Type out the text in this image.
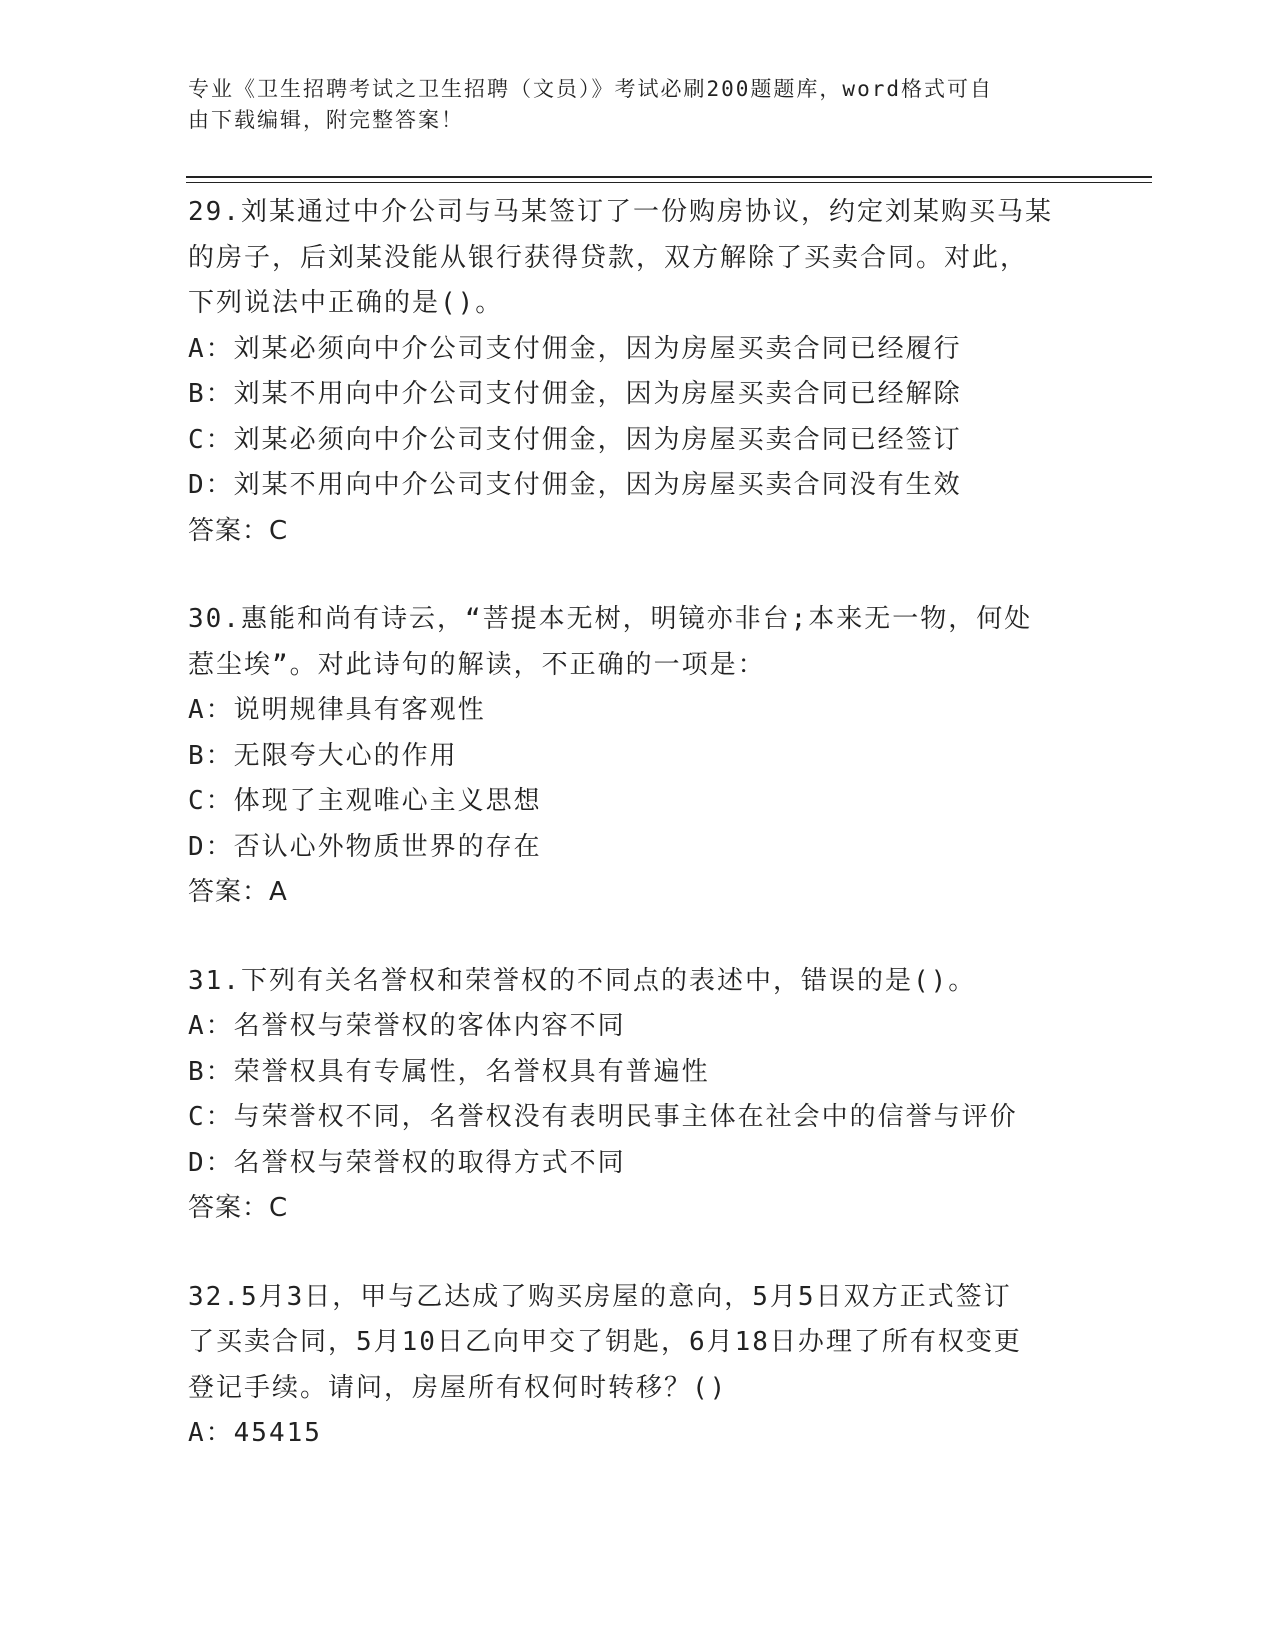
专业《卫生招聘考试之卫生招聘（文员）》考试必刷200题题库，word格式可自
由下载编辑，附完整答案！
29.刘某通过中介公司与马某签订了一份购房协议，约定刘某购买马某
的房子，后刘某没能从银行获得贷款，双方解除了买卖合同。对此，
下列说法中正确的是()。
A：刘某必须向中介公司支付佣金，因为房屋买卖合同已经履行
B：刘某不用向中介公司支付佣金，因为房屋买卖合同已经解除
C：刘某必须向中介公司支付佣金，因为房屋买卖合同已经签订
D：刘某不用向中介公司支付佣金，因为房屋买卖合同没有生效
答案：C
30.惠能和尚有诗云，“菩提本无树，明镜亦非台;本来无一物，何处
惹尘埃”。对此诗句的解读，不正确的一项是：
A：说明规律具有客观性
B：无限夸大心的作用
C：体现了主观唯心主义思想
D：否认心外物质世界的存在
答案：A
31.下列有关名誉权和荣誉权的不同点的表述中，错误的是()。
A：名誉权与荣誉权的客体内容不同
B：荣誉权具有专属性，名誉权具有普遍性
C：与荣誉权不同，名誉权没有表明民事主体在社会中的信誉与评价
D：名誉权与荣誉权的取得方式不同
答案：C
32.5月3日，甲与乙达成了购买房屋的意向，5月5日双方正式签订
了买卖合同，5月10日乙向甲交了钥匙，6月18日办理了所有权变更
登记手续。请问，房屋所有权何时转移？()
A：45415
